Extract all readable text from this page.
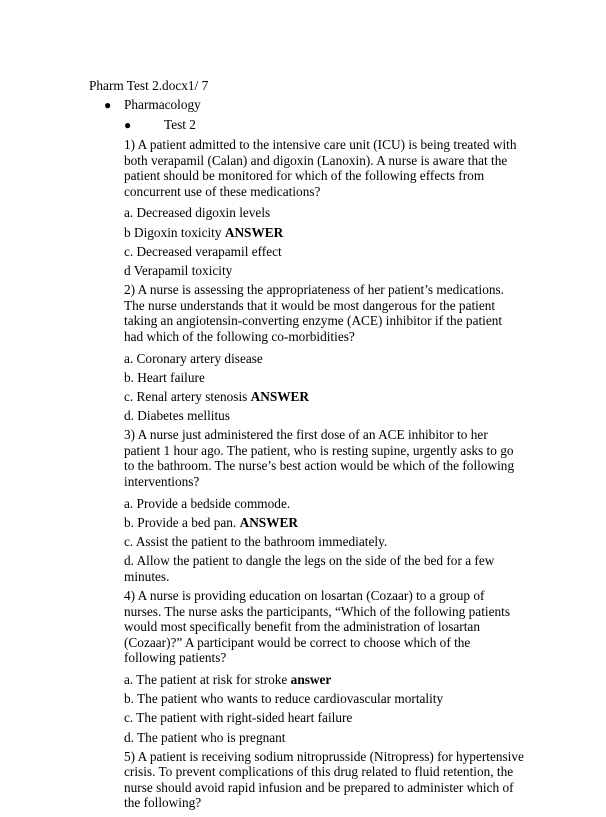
Pharm Test 2.docx1/ 7
● Pharmacology
●	Test 2

1) A patient admitted to the intensive care unit (ICU) is being treated with both verapamil (Calan) and digoxin (Lanoxin). A nurse is aware that the patient should be monitored for which of the following effects from concurrent use of these medications?

a. Decreased digoxin levels

b Digoxin toxicity ANSWER

c. Decreased verapamil effect

d Verapamil toxicity

2) A nurse is assessing the appropriateness of her patient’s medications. The nurse understands that it would be most dangerous for the patient taking an angiotensin-converting enzyme (ACE) inhibitor if the patient had which of the following co-morbidities?

a. Coronary artery disease

b. Heart failure

c. Renal artery stenosis ANSWER

d. Diabetes mellitus

3) A nurse just administered the first dose of an ACE inhibitor to her patient 1 hour ago. The patient, who is resting supine, urgently asks to go to the bathroom. The nurse’s best action would be which of the following interventions?

a. Provide a bedside commode.

b. Provide a bed pan. ANSWER

c. Assist the patient to the bathroom immediately.

d. Allow the patient to dangle the legs on the side of the bed for a few minutes.

4) A nurse is providing education on losartan (Cozaar) to a group of nurses. The nurse asks the participants, “Which of the following patients would most specifically benefit from the administration of losartan (Cozaar)?” A participant would be correct to choose which of the following patients?

a. The patient at risk for stroke answer

b. The patient who wants to reduce cardiovascular mortality

c. The patient with right-sided heart failure

d. The patient who is pregnant

5) A patient is receiving sodium nitroprusside (Nitropress) for hypertensive crisis. To prevent complications of this drug related to fluid retention, the nurse should avoid rapid infusion and be prepared to administer which of the following?
